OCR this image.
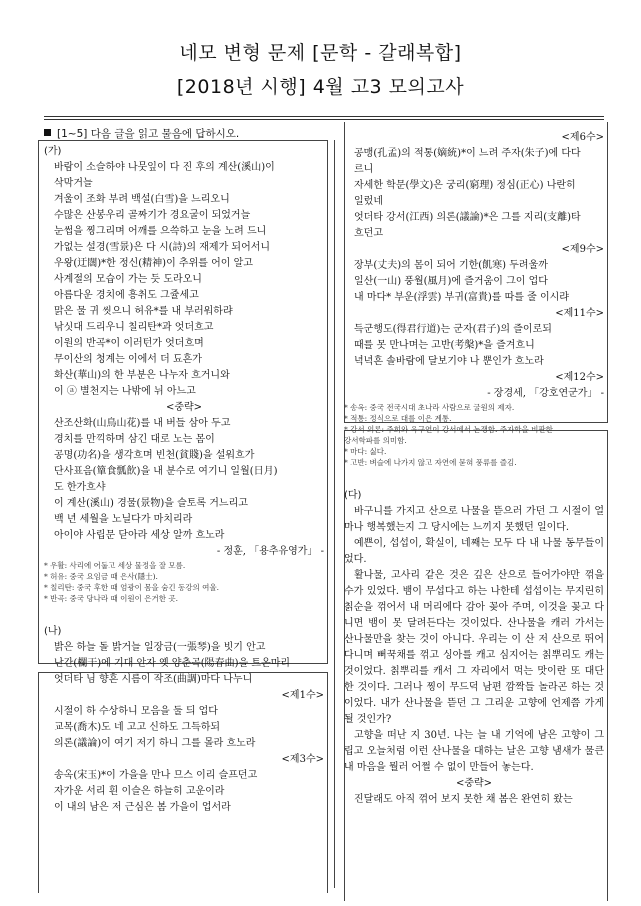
네모 변형 문제 [문학 - 갈래복합]
[2018년 시행] 4월 고3 모의고사
[1~5] 다음 글을 읽고 물음에 답하시오.
(가)
바람이 소슬하야 나뭇잎이 다 진 후의 계산(溪山)이
삭막거늘
겨울이 조화 부려 백설(白雪)을 느리오니
수많은 산봉우리 골짜기가 경요굴이 되었거늘
눈썹을 찡그리며 어깨를 으쓱하고 눈을 노려 드니
가없는 설경(雪景)은 다 시(詩)의 재제가 되어서니
우왕(迂闊)*한 정신(精神)이 추위를 어이 알고
사계절의 모습이 가는 듯 도라오니
아름다운 경치에 흥취도 그쥴세고
맑은 물 귀 씻으니 허유*를 내 부러워하랴
낚싯대 드리우니 칠리탄*과 엇더흐고
이원의 반곡*이 이러턴가 엇더흐며
무이산의 청계는 이에서 더 됴흔가
화산(華山)의 한 부분은 나누자 흐거니와
이 ⓐ 별천지는 나밖에 뉘 아느고
<중략>
산조산화(山鳥山花)를 내 버들 삼아 두고
경치를 만끽하며 삼긴 대로 노는 몸이
공명(功名)을 생각흐며 빈천(貧賤)을 설워흐가
단사표음(簞食瓢飮)을 내 분수로 여기니 일월(日月)
도 한가흐샤
이 계산(溪山) 경물(景物)을 슬토록 거느리고
백 년 세월을 노닐다가 마치리라
아이야 사립문 닫아라 세상 알까 흐노라
- 정훈, 「용추유영가」 -
* 우활: 사리에 어둡고 세상 물정을 잘 모름.
* 허유: 중국 요임금 때 은사(隱士).
* 칠리탄: 중국 후한 때 엄광이 몸을 숨긴 동강의 여울.
* 반곡: 중국 당나라 때 이원이 은거한 곳.
(나)
밝은 하늘 돌 밝거늘 일장금(一張琴)을 빗기 안고
난간(欄干)에 기대 안자 옛 양춘곡(陽春曲)을 트온마리
엇더타 님 향흔 시름이 작조(曲調)마다 나누니
<제1수>
시절이 하 수상하니 모음을 둘 듸 업다
교목(喬木)도 네 고고 신하도 그득하되
의론(議論)이 여기 저기 하니 그를 몰라 흐노라
<제3수>
송옥(宋玉)*이 가을을 만나 므스 이리 슬프던고
자가운 서리 흰 이슬은 하늘히 고운이라
이 내의 남은 저 근심은 봄 가을이 업서라
<제6수>
공맹(孔孟)의 적통(嫡統)*이 느려 주자(朱子)에 다다
르니
자세한 학문(學文)은 궁리(窮理) 정심(正心) 나란히
일렀네
엇더타 강서(江西) 의론(議論)*은 그를 지리(支離)타
흐던고
<제9수>
장부(丈夫)의 몸이 되어 기한(飢寒) 두려울까
일산(一山) 풍월(風月)에 즐거움이 그이 업다
내 마다* 부운(浮雲) 부귀(富貴)를 따를 줄 이시랴
<제11수>
득군행도(得君行道)는 군자(君子)의 즐이로되
때를 못 만나며는 고반(考槃)*을 즐겨흐니
녁녁흔 솔바람에 달보기야 나 뿐인가 흐노라
<제12수>
- 장경세, 「강호연군가」 -
* 송옥: 중국 전국시대 초나라 사람으로 굴원의 제자.
* 적통: 정식으로 대를 이은 계통.
* 강서 의론: 주희와 육구연이 강서에서 논쟁함. 주자학을 비판한
강서학파를 의미함.
* 마다: 싫다.
* 고반: 벼슬에 나가지 않고 자연에 묻혀 풍류를 즐김.
(다)
바구니를 가지고 산으로 나물을 뜯으러 가던 그 시절이 얼마나 행복했는지 그 당시에는 느끼지 못했던 일이다.
예쁜이, 섭섭이, 확실이, 네째는 모두 다 내 나물 동무들이었다.
활나물, 고사리 같은 것은 깊은 산으로 들어가야만 꺾을 수가 있었다. 뱀이 무섭다고 하는 나한테 섭섭이는 무지린히 칡순을 꺾어서 내 머리에다 감아 꽂아 주며, 이것을 꽂고 다니면 뱀이 못 달려든다는 것이었다. 산나물을 캐러 가서는 산나물만을 찾는 것이 아니다. 우리는 이 산 저 산으로 뛰어다니며 뻐꾹채를 꺾고 싱아를 캐고 심지어는 칡뿌리도 캐는 것이었다. 칡뿌리를 캐서 그 자리에서 먹는 맛이란 또 대단한 것이다. 그러나 찡이 무드덕 남편 깜짝들 놀라곤 하는 것이었다. 내가 산나물을 뜯던 그 그리운 고향에 언제쯤 가게 될 것인가?
고향을 떠난 지 30년. 나는 늘 내 기억에 남은 고향이 그립고 오늘처럼 이런 산나물을 대하는 날은 고향 냄새가 물큰 내 마음을 뭘러 어쩔 수 없이 만들어 놓는다.
<중략>
진달래도 아직 꺾어 보지 못한 채 봄은 완연히 왔는
